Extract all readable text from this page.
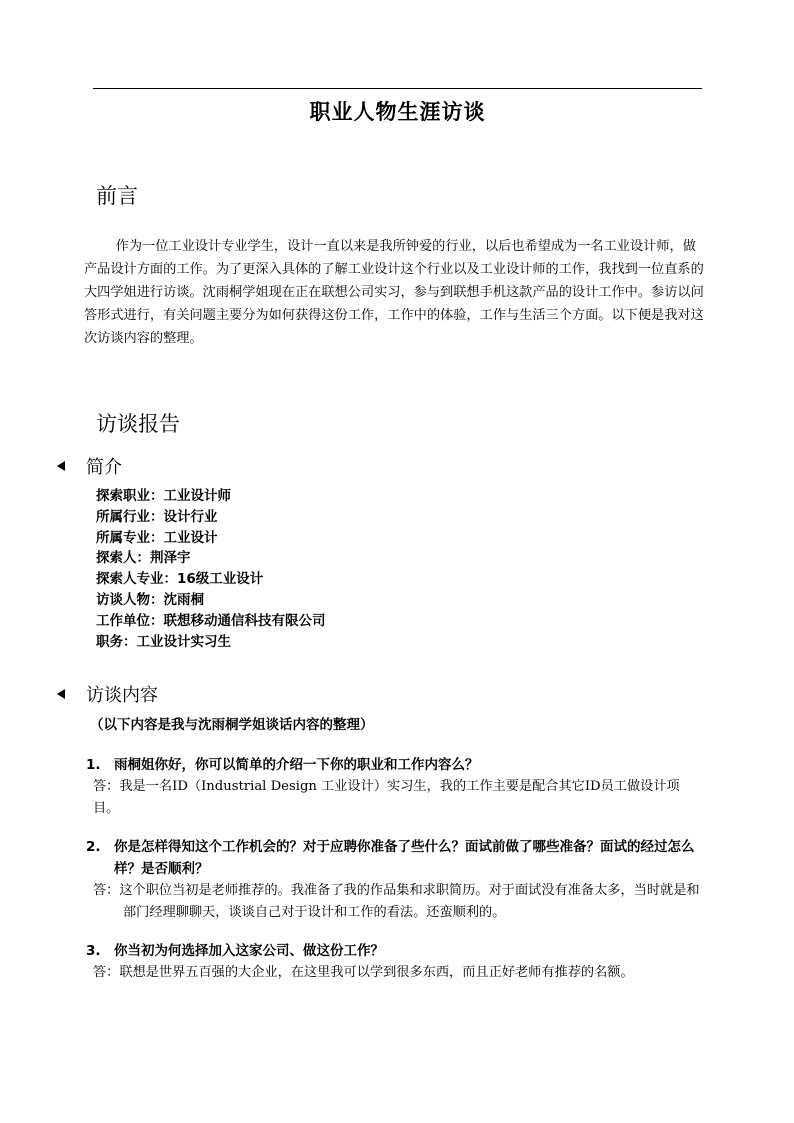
职业人物生涯访谈
前言

作为一位工业设计专业学生，设计一直以来是我所钟爱的行业，以后也希望成为一名工业设计师，做产品设计方面的工作。为了更深入具体的了解工业设计这个行业以及工业设计师的工作，我找到一位直系的大四学姐进行访谈。沈雨桐学姐现在正在联想公司实习，参与到联想手机这款产品的设计工作中。参访以问答形式进行，有关问题主要分为如何获得这份工作，工作中的体验，工作与生活三个方面。以下便是我对这次访谈内容的整理。

访谈报告
简介
探索职业：工业设计师
所属行业：设计行业
所属专业：工业设计
探索人：荆泽宇
探索人专业：16级工业设计
访谈人物：沈雨桐
工作单位：联想移动通信科技有限公司
职务：工业设计实习生
访谈内容
（以下内容是我与沈雨桐学姐谈话内容的整理）
1. 雨桐姐你好，你可以简单的介绍一下你的职业和工作内容么？

答：我是一名ID（Industrial Design 工业设计）实习生，我的工作主要是配合其它ID员工做设计项目。

2. 你是怎样得知这个工作机会的？对于应聘你准备了些什么？面试前做了哪些准备？面试的经过怎么样？是否顺利？

答：这个职位当初是老师推荐的。我准备了我的作品集和求职简历。对于面试没有准备太多，当时就是和部门经理聊聊天，谈谈自己对于设计和工作的看法。还蛮顺利的。

3. 你当初为何选择加入这家公司、做这份工作？

答：联想是世界五百强的大企业，在这里我可以学到很多东西，而且正好老师有推荐的名额。
